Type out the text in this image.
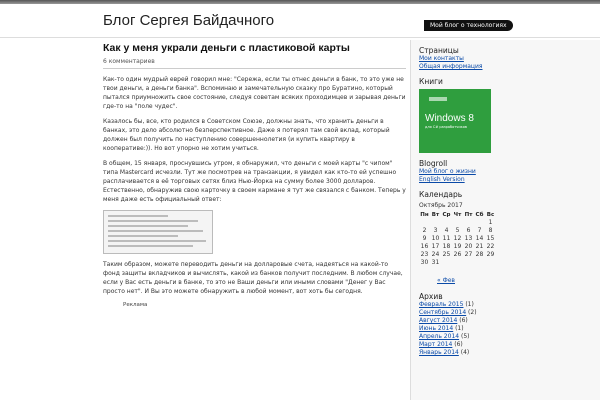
Блог Сергея Байдачного	Мой блог о технологиях
Как у меня украли деньги с пластиковой карты
6 комментариев

Как-то один мудрый еврей говорил мне: "Сережа, если ты отнес деньги в банк, то это уже не твои деньги, а деньги банка". Вспоминаю и замечательную сказку про Буратино, который пытался приумножить свое состояние, следуя советам всяких проходимцев и зарывая деньги где-то на "поле чудес".

Казалось бы, все, кто родился в Советском Союзе, должны знать, что хранить деньги в банках, это дело абсолютно безперспективное. Даже я потерял там свой вклад, который должен был получить по наступлению совершеннолетия (и купить квартиру в кооперативе:)). Но вот упорно не хотим учиться.

В общем, 15 января, проснувшись утром, я обнаружил, что деньги с моей карты "с чипом" типа Mastercard исчезли. Тут же посмотрев на транзакции, я увидел как кто-то ей успешно расплачивается в её торговых сетях близ Нью-Йорка на сумму более 3000 долларов. Естественно, обнаружив свою карточку в своем кармане я тут же связался с банком. Теперь у меня даже есть официальный ответ:

Таким образом, можете переводить деньги на долларовые счета, надеяться на какой-то фонд защиты вкладчиков и вычислять, какой из банков получит последним. В любом случае, если у Вас есть деньги в банке, то это не Ваши деньги или иными словами "Денег у Вас просто нет". И Вы это можете обнаружить в любой момент, вот хоть бы сегодня.

Реклама
Страницы
Мои контакты
Общая информация
Книги
Windows 8
для C# разработчиков
Blogroll
Мой блог о жизни
English Version
Календарь
Октябрь 2017
Пн	Вт	Ср	Чт	Пт	Сб	Вс
						1
2	3	4	5	6	7	8
9	10	11	12	13	14	15
16	17	18	19	20	21	22
23	24	25	26	27	28	29
30	31					
« Фев
Архив
Февраль 2015 (1)
Сентябрь 2014 (2)
Август 2014 (6)
Июнь 2014 (1)
Апрель 2014 (5)
Март 2014 (6)
Январь 2014 (4)
